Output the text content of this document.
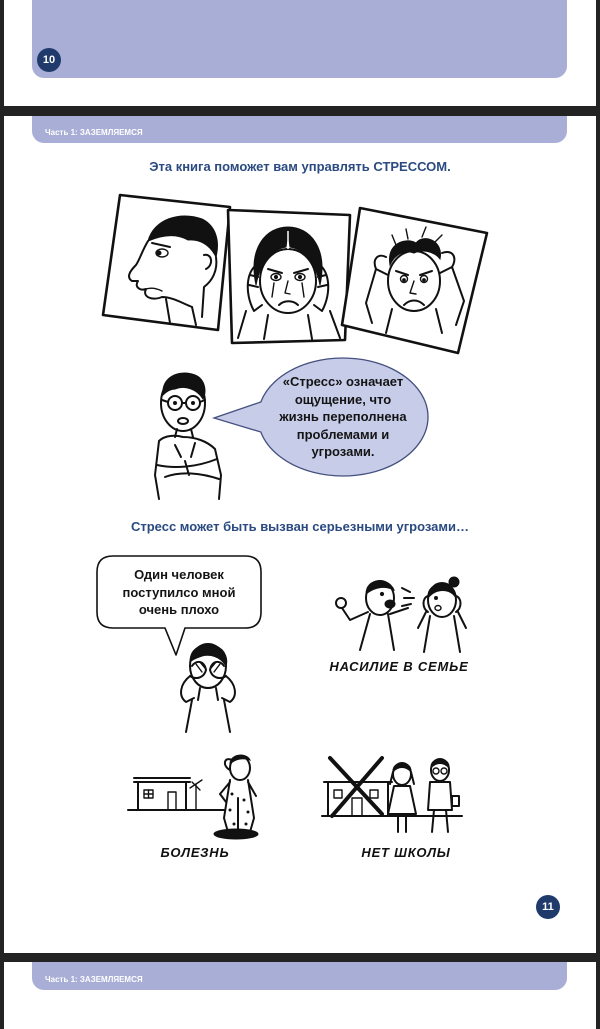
10
Часть 1: ЗАЗЕМЛЯЕМСЯ
Эта книга поможет вам управлять СТРЕССОМ.
«Стресс» означает
ощущение, что
жизнь переполнена
проблемами и
угрозами.
Стресс может быть вызван серьезными угрозами…
Один человек
поступилсо мной
очень плохо
НАСИЛИЕ В СЕМЬЕ
БОЛЕЗНЬ	НЕТ ШКОЛЫ
11
Часть 1: ЗАЗЕМЛЯЕМСЯ
